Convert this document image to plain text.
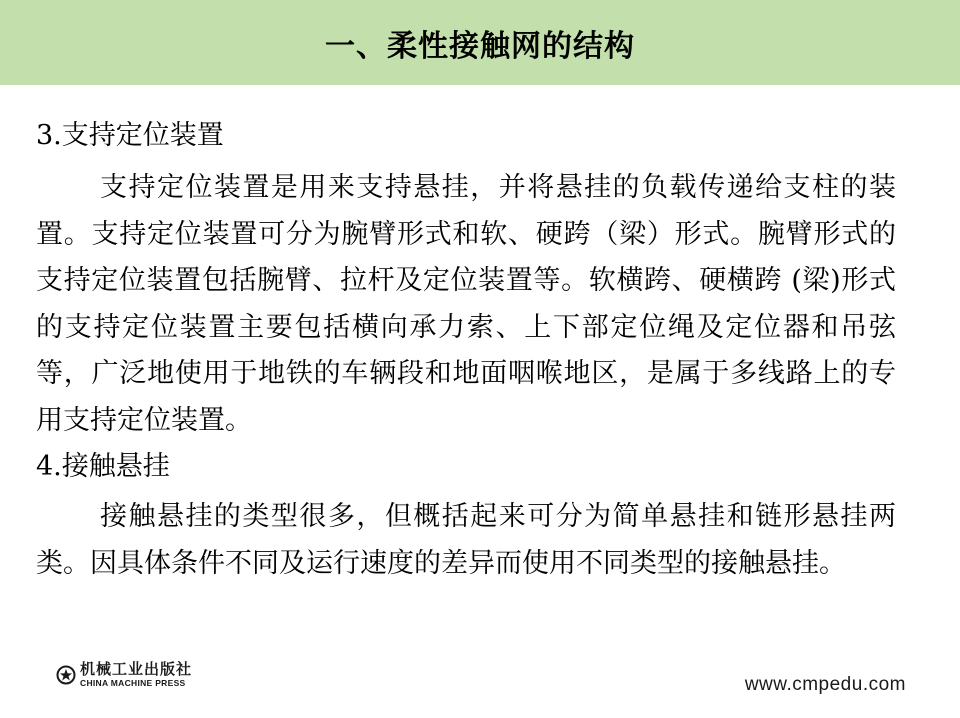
一、柔性接触网的结构

3.支持定位装置

支持定位装置是用来支持悬挂，并将悬挂的负载传递给支柱的装置。支持定位装置可分为腕臂形式和软、硬跨（梁）形式。腕臂形式的支持定位装置包括腕臂、拉杆及定位装置等。软横跨、硬横跨 (梁)形式的支持定位装置主要包括横向承力索、上下部定位绳及定位器和吊弦等，广泛地使用于地铁的车辆段和地面咽喉地区，是属于多线路上的专用支持定位装置。

4.接触悬挂

接触悬挂的类型很多，但概括起来可分为简单悬挂和链形悬挂两类。因具体条件不同及运行速度的差异而使用不同类型的接触悬挂。

机械工业出版社
CHINA MACHINE PRESS	www.cmpedu.com
